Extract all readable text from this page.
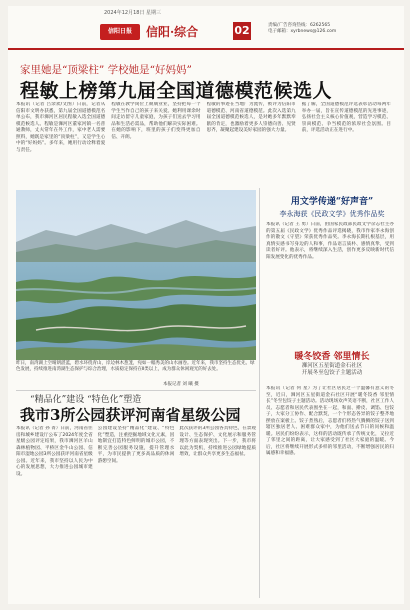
2024年12月18日 星期三
信阳日报	信阳·综合	02	责编/广告咨询热线：6262565
电子邮箱：xyrbnews@126.com
家里她是“顶梁柱” 学校她是“好妈妈”
程敏上榜第九届全国道德模范候选人
本报讯（记者 吕余欢/文图）日前，记者从信阳市文明办获悉，第九届全国道德模范名单公布，我市浉河区居民程敏入选全国道德模范候选人。程敏是浉河区董家河镇一名普通教师，丈夫常年在外工作，家中老人需要照料，她既是家里的“顶梁柱”，又是学生心中的“好妈妈”。多年来，她用行动诠释着爱与责任。
程敏在教学岗位上兢兢业业，坚持把每一个学生当作自己的孩子来关爱。她利用课余时间走访留守儿童家庭，为孩子们送去学习用品和生活必需品，帮助他们解决实际困难。在她的影响下，班里的孩子们变得更加自信、开朗。
程敏的事迹在当地广为流传，被评为信阳市道德模范、河南省道德模范。此次入选第九届全国道德模范候选人，是对她多年默默奉献的肯定，也激励着更多人崇德向善、见贤思齐，凝聚起建设美好家园的强大力量。
据了解，全国道德模范评选表彰活动每两年举办一届，旨在宣传道德模范的先进事迹，弘扬社会主义核心价值观，营造学习模范、崇尚模范、争当模范的浓厚社会氛围。目前，评选活动正在进行中。
昨日，南湾湖上空晴朗湛蓝，碧水环绕青山，岸边林木葱茏，宛如一幅秀美的山水画卷。近年来，我市坚持生态优先、绿色发展，持续推进南湾湖生态保护与综合治理，水质稳定保持在Ⅱ类以上，成为群众休闲观光的好去处。
本报记者 刘 曦 摄
用文学传递“好声音”
李永海获《民政文学》优秀作品奖
本报讯（记者 王 勇）日前，由国家民政部民政文学杂志社主办的第五届《民政文学》优秀作品评选揭晓，我市作家李永海创作的散文《守望》荣获优秀作品奖。李永海长期扎根基层，用真情实感书写身边的人和事，作品语言质朴、感情真挚，受到读者好评。他表示，将继续深入生活，创作更多反映新时代信阳发展变化的优秀作品。
暖冬饺香 邻里情长
浉河区五星街道金石社区
开展冬至包饺子主题活动
本报讯（记者 何 星）为了让社区居民过一个温馨有意义的冬至，近日，浉河区五星街道金石社区开展“暖冬饺香 邻里情长”冬至包饺子主题活动。活动现场欢声笑语不断，社区工作人员、志愿者和居民代表围坐在一起，和面、擀皮、调馅、包饺子，大家分工协作、配合默契，一个个形态各异的饺子整齐地摆放在案板上。饺子煮熟后，志愿者们将热气腾腾的饺子送到辖区独居老人、困难群众家中，为他们送去节日的问候和温暖。居民们纷纷表示，这样的活动既传承了传统文化，又拉近了邻里之间的距离，让大家感受到了社区大家庭的温暖。今后，社区将继续开展形式多样的邻里活动，不断增强居民的归属感和幸福感。
“精品化”建设 “特色化”塑造
我市3所公园获评河南省星级公园
本报讯（记者 孙 菁）日前，河南省住房和城乡建设厅公布了2024年度全省星级公园评定结果，我市浉河区羊山森林植物园、平桥区金牛山公园、信阳市湿地公园3所公园获评河南省星级公园。近年来，我市坚持以人民为中心的发展思想，大力推进公园城市建设。
公园建设坚持“精品化”建设、“特色化”塑造，注重挖掘地域文化元素，因地制宜打造特色鲜明的城市公园，不断完善公园服务设施，提升管理水平，为市民提供了更多高品质的休闲游憩空间。
此次获评的3所公园各具特色，在景观设计、生态保护、文化展示和服务管理等方面表现突出。下一步，我市将以此为契机，持续推进公园绿地提质增效，让群众共享更多生态福祉。
